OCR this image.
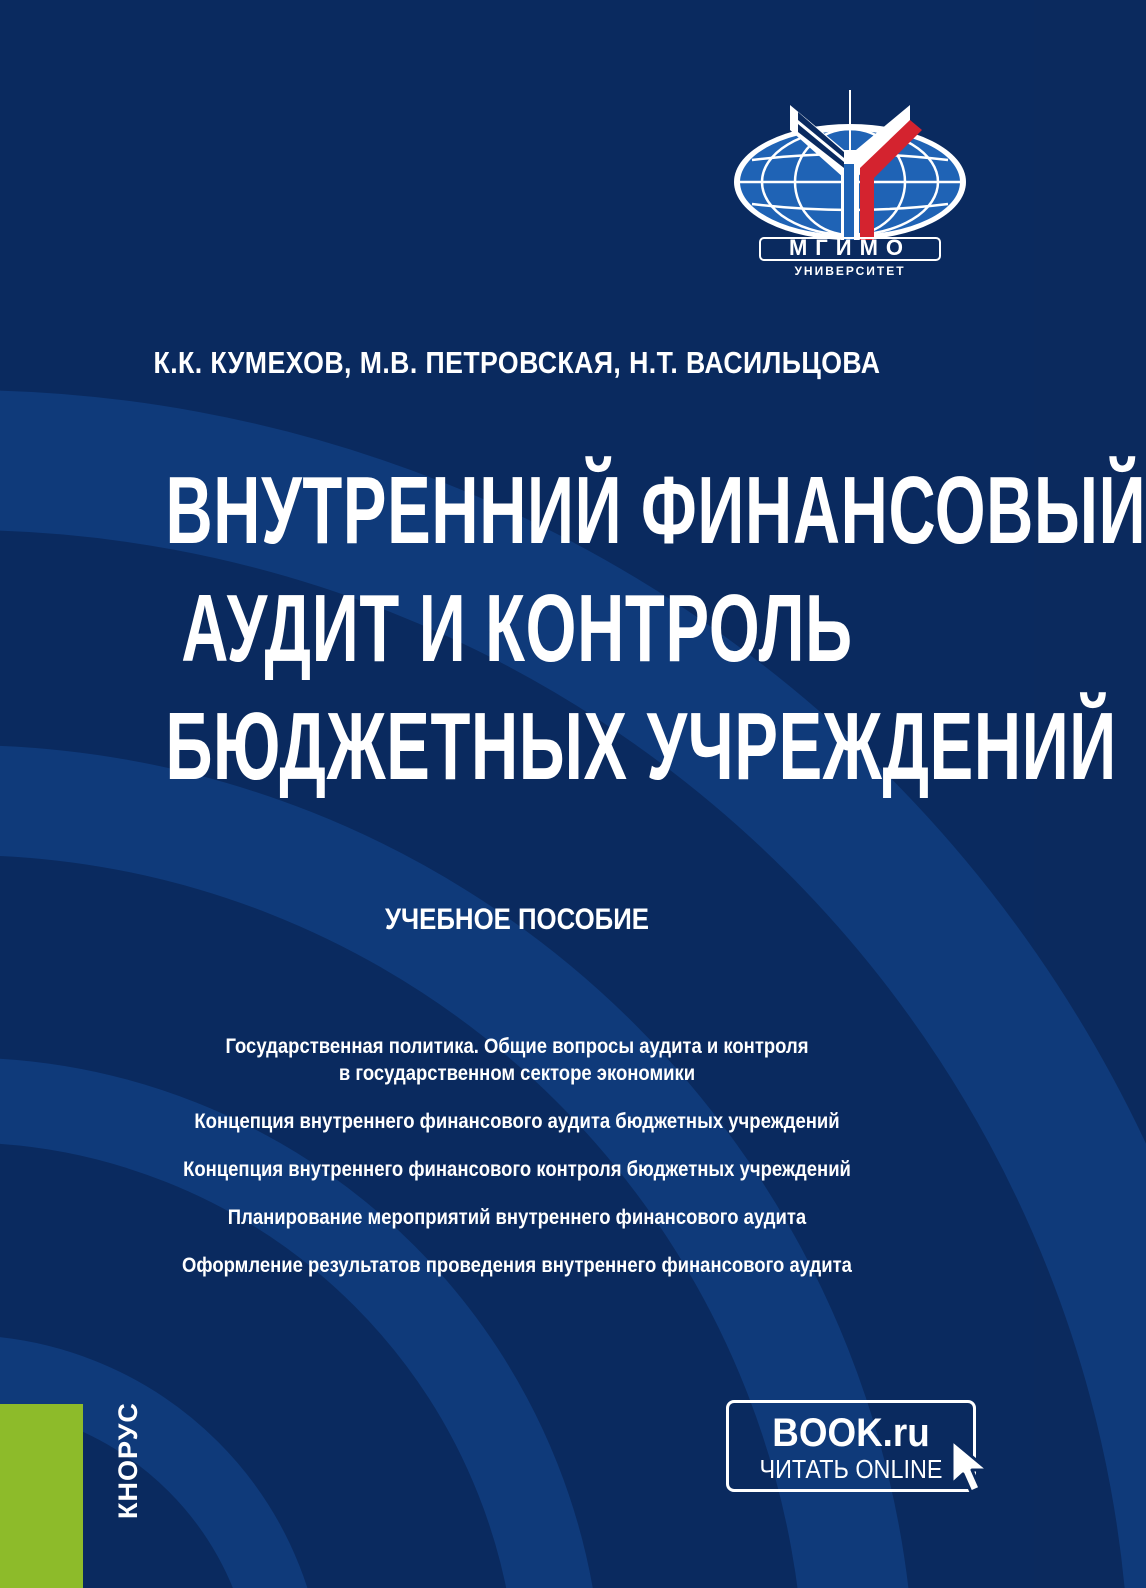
МГИМО
УНИВЕРСИТЕТ
К.К. КУМЕХОВ, М.В. ПЕТРОВСКАЯ, Н.Т. ВАСИЛЬЦОВА
ВНУТРЕННИЙ ФИНАНСОВЫЙ
АУДИТ И КОНТРОЛЬ
БЮДЖЕТНЫХ УЧРЕЖДЕНИЙ
УЧЕБНОЕ ПОСОБИЕ
Государственная политика. Общие вопросы аудита и контроля
в государственном секторе экономики
Концепция внутреннего финансового аудита бюджетных учреждений
Концепция внутреннего финансового контроля бюджетных учреждений
Планирование мероприятий внутреннего финансового аудита
Оформление результатов проведения внутреннего финансового аудита
КНОРУС	BOOK.ru
ЧИТАТЬ ONLINE
